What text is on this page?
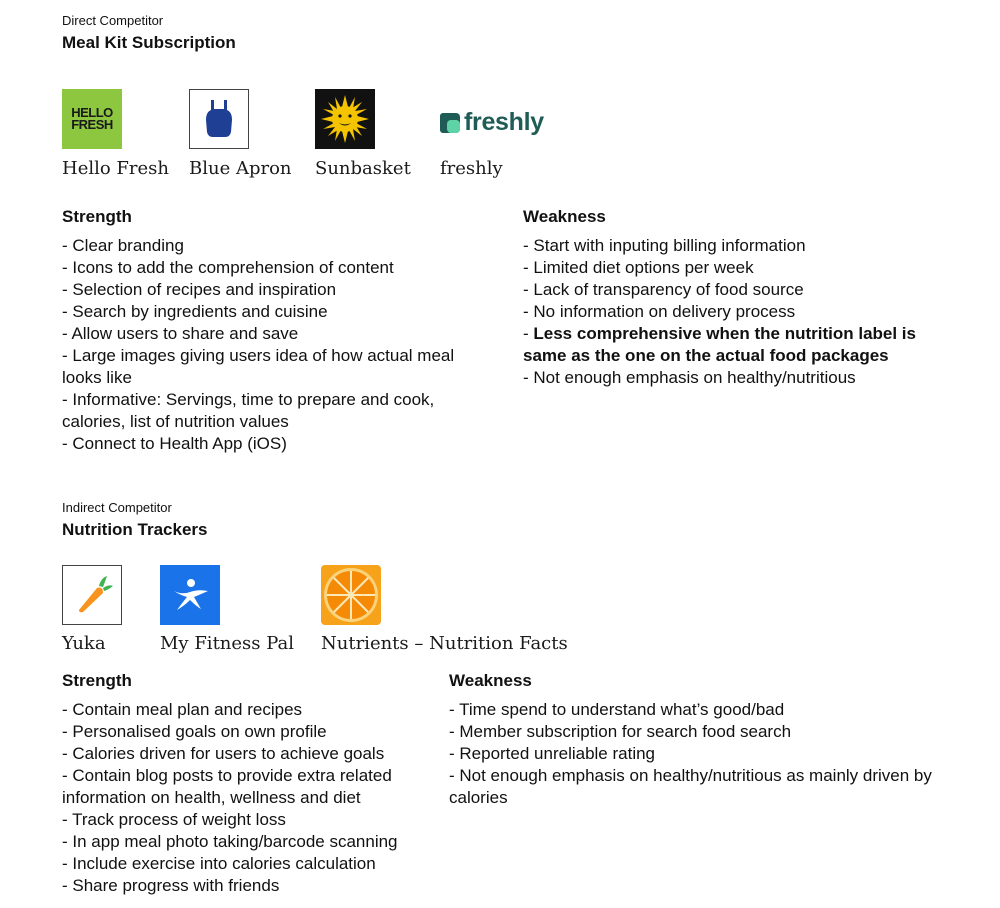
Direct Competitor
Meal Kit Subscription
HELLO FRESH	freshly
Hello Fresh Blue Apron Sunbasket freshly
Strength
- Clear branding
- Icons to add the comprehension of content
- Selection of recipes and inspiration
- Search by ingredients and cuisine
- Allow users to share and save
- Large images giving users idea of how actual meal looks like
- Informative: Servings, time to prepare and cook, calories, list of nutrition values
- Connect to Health App (iOS)
Weakness
- Start with inputing billing information
- Limited diet options per week
- Lack of transparency of food source
- No information on delivery process
- Less comprehensive when the nutrition label is same as the one on the actual food packages
- Not enough emphasis on healthy/nutritious
Indirect Competitor
Nutrition Trackers
Yuka	My Fitness Pal Nutrients – Nutrition Facts
Strength
- Contain meal plan and recipes
- Personalised goals on own profile
- Calories driven for users to achieve goals
- Contain blog posts to provide extra related information on health, wellness and diet
- Track process of weight loss
- In app meal photo taking/barcode scanning
- Include exercise into calories calculation
- Share progress with friends
Weakness
- Time spend to understand what’s good/bad
- Member subscription for search food search
- Reported unreliable rating
- Not enough emphasis on healthy/nutritious as mainly driven by calories
